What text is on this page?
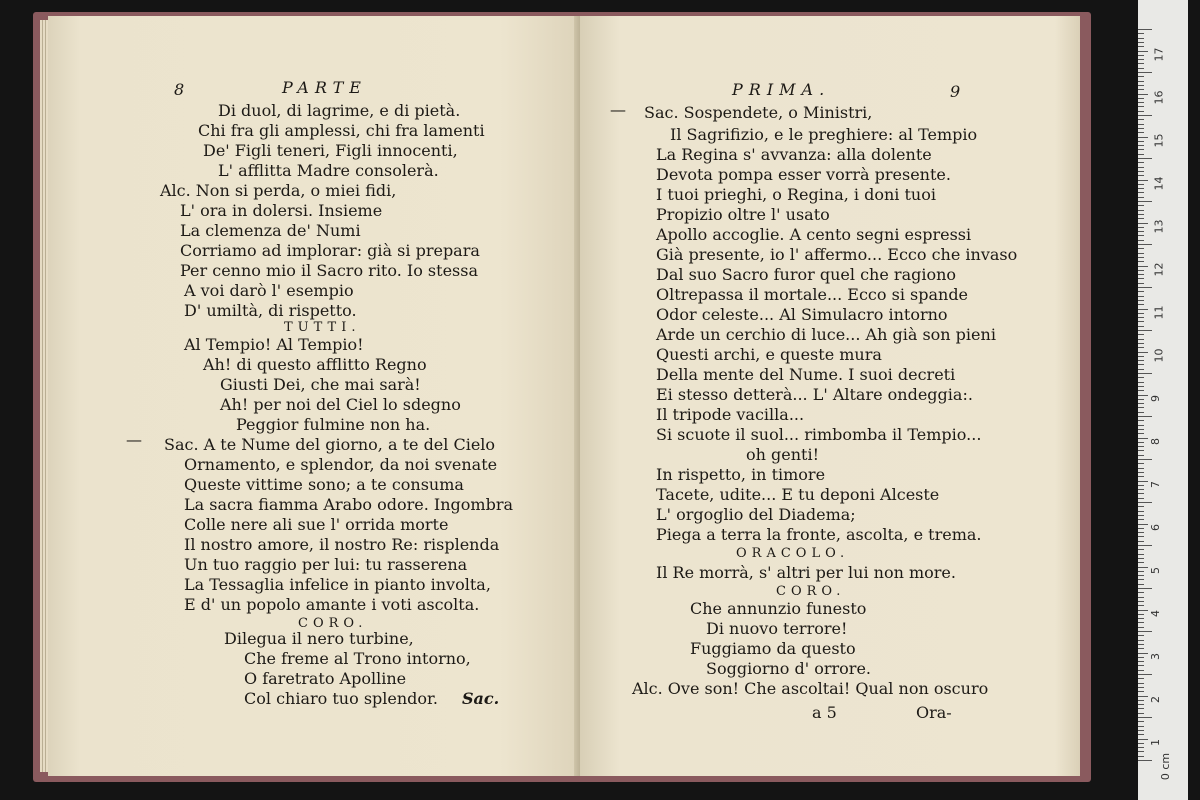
8	PARTE
Di duol, di lagrime, e di pietà.
Chi fra gli amplessi, chi fra lamenti
De' Figli teneri, Figli innocenti,
L' afflitta Madre consolerà.
Alc. Non si perda, o miei fidi,
L' ora in dolersi. Insieme
La clemenza de' Numi
Corriamo ad implorar: già si prepara
Per cenno mio il Sacro rito. Io stessa
A voi darò l' esempio
D' umiltà, di rispetto.
TUTTI.
Al Tempio! Al Tempio!
Ah! di questo afflitto Regno
Giusti Dei, che mai sarà!
Ah! per noi del Ciel lo sdegno
Peggior fulmine non ha.
— Sac. A te Nume del giorno, a te del Cielo
Ornamento, e splendor, da noi svenate
Queste vittime sono; a te consuma
La sacra fiamma Arabo odore. Ingombra
Colle nere ali sue l' orrida morte
Il nostro amore, il nostro Re: risplenda
Un tuo raggio per lui: tu rasserena
La Tessaglia infelice in pianto involta,
E d' un popolo amante i voti ascolta.
CORO.
Dilegua il nero turbine,
Che freme al Trono intorno,
O faretrato Apolline
Col chiaro tuo splendor. Sac.
PRIMA.	9
— Sac. Sospendete, o Ministri,
Il Sagrifizio, e le preghiere: al Tempio
La Regina s' avvanza: alla dolente
Devota pompa esser vorrà presente.
I tuoi prieghi, o Regina, i doni tuoi
Propizio oltre l' usato
Apollo accoglie. A cento segni espressi
Già presente, io l' affermo... Ecco che invaso
Dal suo Sacro furor quel che ragiono
Oltrepassa il mortale... Ecco si spande
Odor celeste... Al Simulacro intorno
Arde un cerchio di luce... Ah già son pieni
Questi archi, e queste mura
Della mente del Nume. I suoi decreti
Ei stesso detterà... L' Altare ondeggia:.
Il tripode vacilla...
Si scuote il suol... rimbomba il Tempio...
oh genti!
In rispetto, in timore
Tacete, udite... E tu deponi Alceste
L' orgoglio del Diadema;
Piega a terra la fronte, ascolta, e trema.
ORACOLO.
Il Re morrà, s' altri per lui non more.
CORO.
Che annunzio funesto
Di nuovo terrore!
Fuggiamo da questo
Soggiorno d' orrore.
Alc. Ove son! Che ascoltai! Qual non oscuro
a 5	Ora-
0 cm
1
2
3
4
5
6
7
8
9
10
11
12
13
14
15
16
17
